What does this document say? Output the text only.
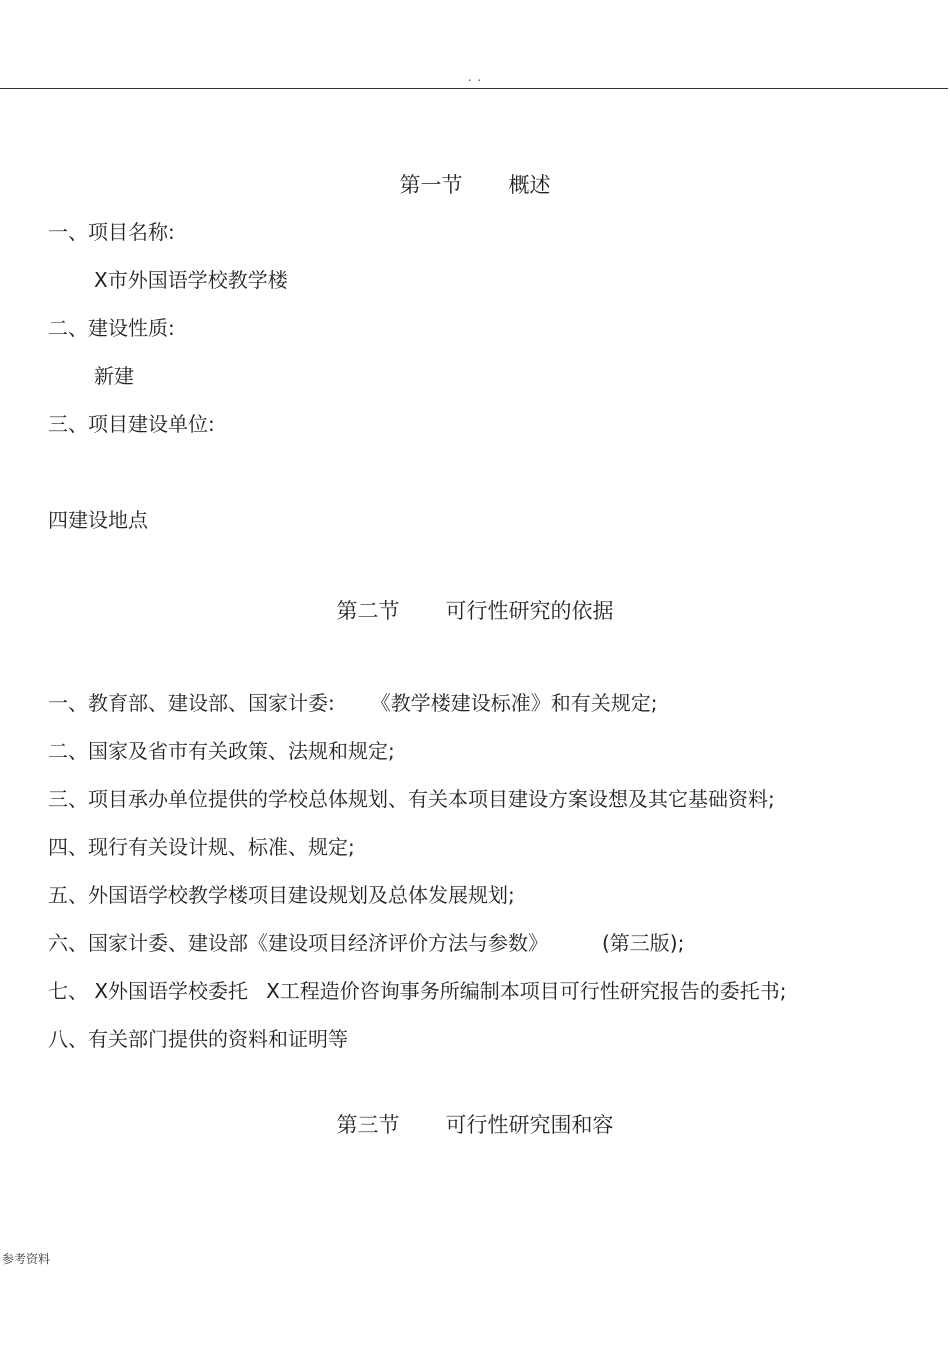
. .
第一节 概述
一、项目名称:
X市外国语学校教学楼
二、建设性质:
新建
三、项目建设单位:
四建设地点
第二节 可行性研究的依据
一、教育部、建设部、国家计委: 《教学楼建设标准》和有关规定;
二、国家及省市有关政策、法规和规定;
三、项目承办单位提供的学校总体规划、有关本项目建设方案设想及其它基础资料;
四、现行有关设计规、标准、规定;
五、外国语学校教学楼项目建设规划及总体发展规划;
六、国家计委、建设部《建设项目经济评价方法与参数》	(第三版);
七、 X外国语学校委托 X工程造价咨询事务所编制本项目可行性研究报告的委托书;
八、有关部门提供的资料和证明等
第三节 可行性研究围和容
参考资料
